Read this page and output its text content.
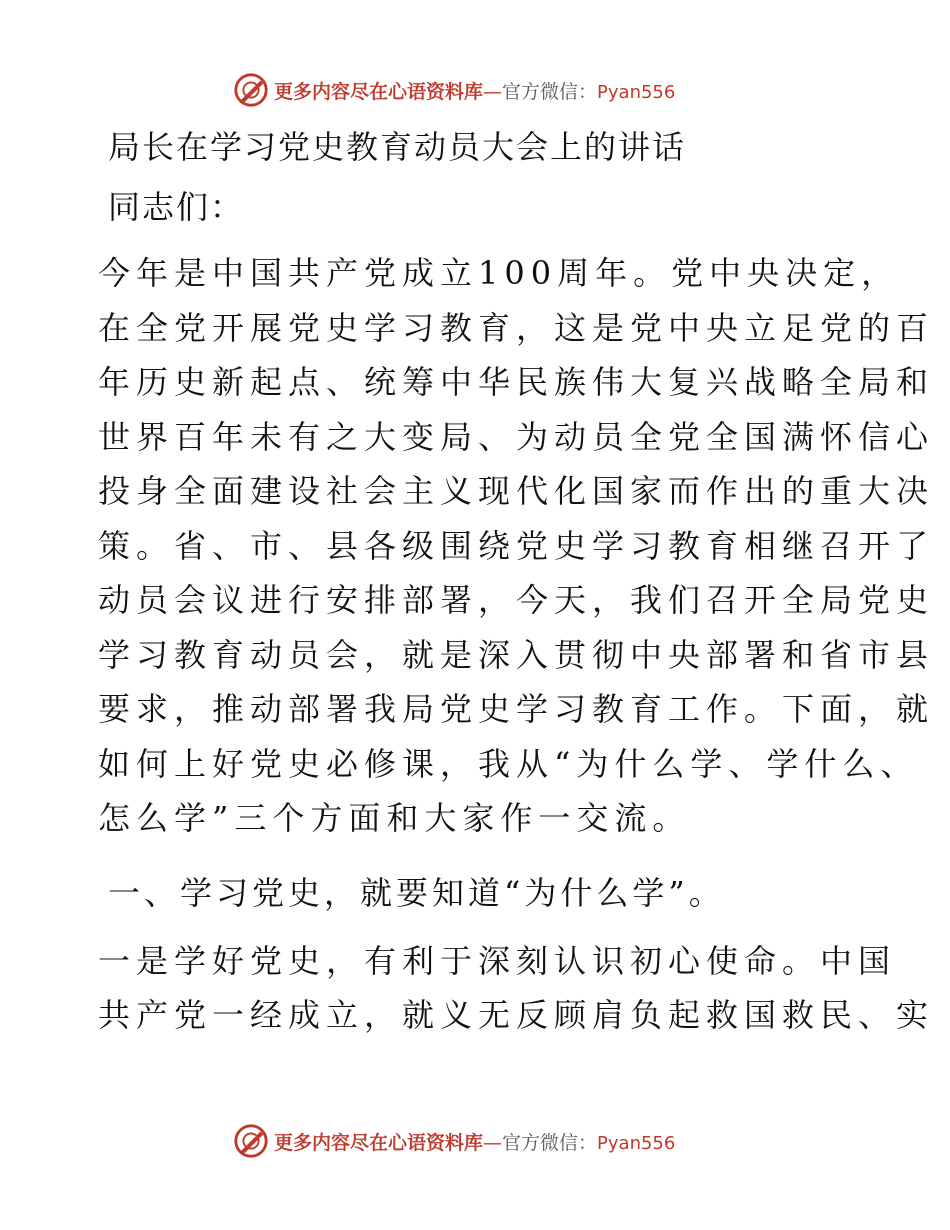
更多内容尽在心语资料库—官方微信：Pyan556
局长在学习党史教育动员大会上的讲话
同志们：
今年是中国共产党成立100周年。党中央决定，
在全党开展党史学习教育，这是党中央立足党的百
年历史新起点、统筹中华民族伟大复兴战略全局和
世界百年未有之大变局、为动员全党全国满怀信心
投身全面建设社会主义现代化国家而作出的重大决
策。省、市、县各级围绕党史学习教育相继召开了
动员会议进行安排部署，今天，我们召开全局党史
学习教育动员会，就是深入贯彻中央部署和省市县
要求，推动部署我局党史学习教育工作。下面，就
如何上好党史必修课，我从“为什么学、学什么、
怎么学”三个方面和大家作一交流。
一、学习党史，就要知道“为什么学”。
一是学好党史，有利于深刻认识初心使命。中国
共产党一经成立，就义无反顾肩负起救国救民、实
更多内容尽在心语资料库—官方微信：Pyan556
